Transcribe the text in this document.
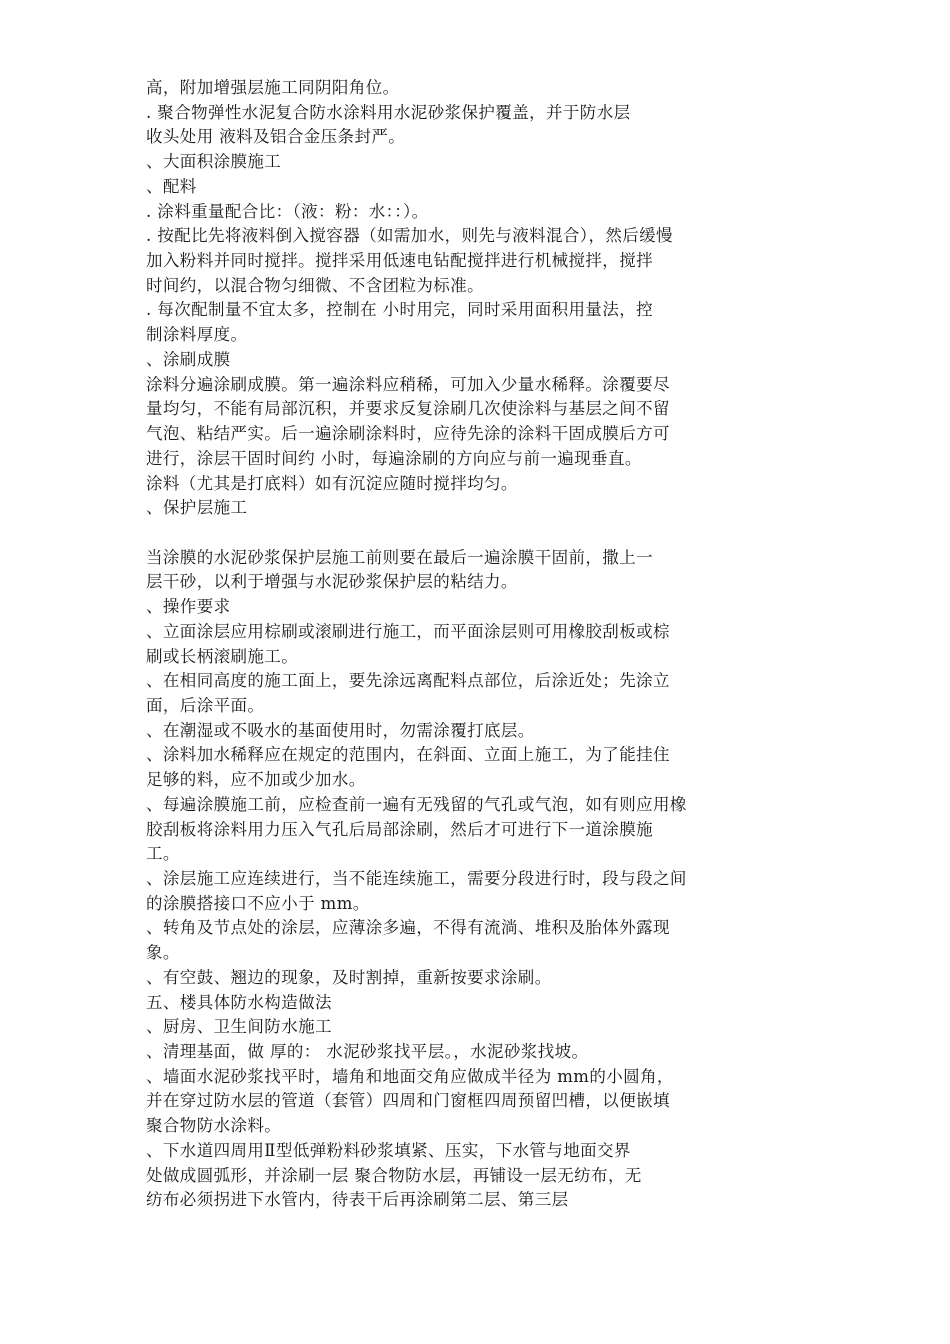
高，附加增强层施工同阴阳角位。
. 聚合物弹性水泥复合防水涂料用水泥砂浆保护覆盖，并于防水层
收头处用 液料及铝合金压条封严。
、大面积涂膜施工
、配料
. 涂料重量配合比：（液：粉：水：：）。
. 按配比先将液料倒入搅容器（如需加水，则先与液料混合），然后缓慢
加入粉料并同时搅拌。搅拌采用低速电钻配搅拌进行机械搅拌，搅拌
时间约，以混合物匀细微、不含团粒为标准。
. 每次配制量不宜太多，控制在 小时用完，同时采用面积用量法，控
制涂料厚度。
、涂刷成膜
涂料分遍涂刷成膜。第一遍涂料应稍稀，可加入少量水稀释。涂覆要尽
量均匀，不能有局部沉积，并要求反复涂刷几次使涂料与基层之间不留
气泡、粘结严实。后一遍涂刷涂料时，应待先涂的涂料干固成膜后方可
进行，涂层干固时间约 小时，每遍涂刷的方向应与前一遍现垂直。
涂料（尤其是打底料）如有沉淀应随时搅拌均匀。
、保护层施工
当涂膜的水泥砂浆保护层施工前则要在最后一遍涂膜干固前，撒上一
层干砂，以利于增强与水泥砂浆保护层的粘结力。
、操作要求
、立面涂层应用棕刷或滚刷进行施工，而平面涂层则可用橡胶刮板或棕
刷或长柄滚刷施工。
、在相同高度的施工面上，要先涂远离配料点部位，后涂近处；先涂立
面，后涂平面。
、在潮湿或不吸水的基面使用时，勿需涂覆打底层。
、涂料加水稀释应在规定的范围内，在斜面、立面上施工，为了能挂住
足够的料，应不加或少加水。
、每遍涂膜施工前，应检查前一遍有无残留的气孔或气泡，如有则应用橡
胶刮板将涂料用力压入气孔后局部涂刷，然后才可进行下一道涂膜施
工。
、涂层施工应连续进行，当不能连续施工，需要分段进行时，段与段之间
的涂膜搭接口不应小于 mm。
、转角及节点处的涂层，应薄涂多遍，不得有流淌、堆积及胎体外露现
象。
、有空鼓、翘边的现象，及时割掉，重新按要求涂刷。
五、楼具体防水构造做法
、厨房、卫生间防水施工
、清理基面，做 厚的： 水泥砂浆找平层。，水泥砂浆找坡。
、墙面水泥砂浆找平时，墙角和地面交角应做成半径为 mm的小圆角，
并在穿过防水层的管道（套管）四周和门窗框四周预留凹槽，以便嵌填
聚合物防水涂料。
、下水道四周用Ⅱ型低弹粉料砂浆填紧、压实，下水管与地面交界
处做成圆弧形，并涂刷一层 聚合物防水层，再铺设一层无纺布，无
纺布必须拐进下水管内，待表干后再涂刷第二层、第三层
